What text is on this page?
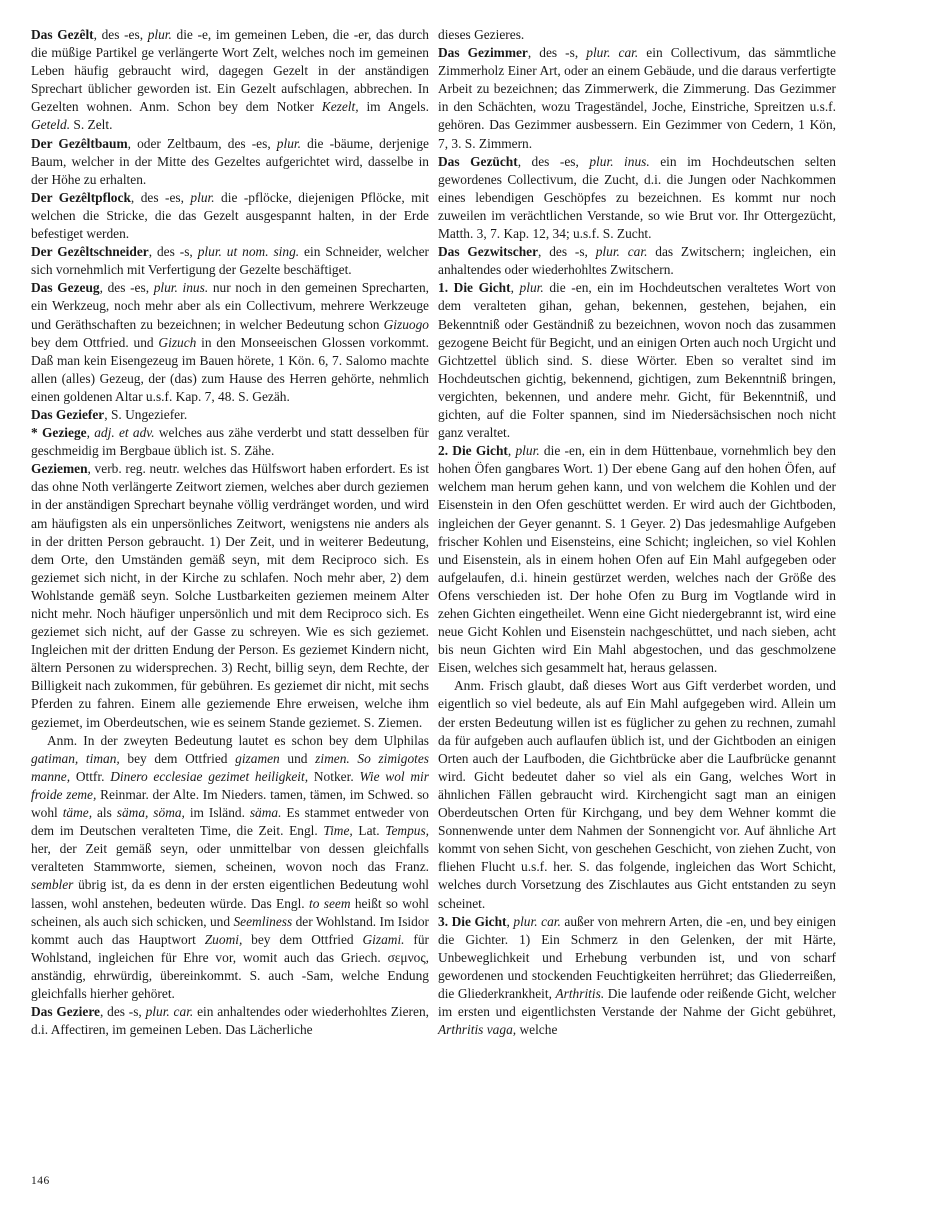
Das Gezêlt, des -es, plur. die -e, im gemeinen Leben, die -er, das durch die müßige Partikel ge verlängerte Wort Zelt, welches noch im gemeinen Leben häufig gebraucht wird, dagegen Gezelt in der anständigen Sprechart üblicher geworden ist. Ein Gezelt aufschlagen, abbrechen. In Gezelten wohnen. Anm. Schon bey dem Notker Kezelt, im Angels. Geteld. S. Zelt.

Der Gezêltbaum, oder Zeltbaum, des -es, plur. die -bäume, derjenige Baum, welcher in der Mitte des Gezeltes aufgerichtet wird, dasselbe in der Höhe zu erhalten.

Der Gezêltpflock, des -es, plur. die -pflöcke, diejenigen Pflöcke, mit welchen die Stricke, die das Gezelt ausgespannt halten, in der Erde befestiget werden.

Der Gezêltschneider, des -s, plur. ut nom. sing. ein Schneider, welcher sich vornehmlich mit Verfertigung der Gezelte beschäftiget.

Das Gezeug, des -es, plur. inus. nur noch in den gemeinen Sprecharten, ein Werkzeug, noch mehr aber als ein Collectivum, mehrere Werkzeuge und Geräthschaften zu bezeichnen; in welcher Bedeutung schon Gizuogo bey dem Ottfried. und Gizuch in den Monseeischen Glossen vorkommt. Daß man kein Eisengezeug im Bauen hörete, 1 Kön. 6, 7. Salomo machte allen (alles) Gezeug, der (das) zum Hause des Herren gehörte, nehmlich einen goldenen Altar u.s.f. Kap. 7, 48. S. Gezäh.

Das Geziefer, S. Ungeziefer.

* Geziege, adj. et adv. welches aus zähe verderbt und statt desselben für geschmeidig im Bergbaue üblich ist. S. Zähe.

Geziemen, verb. reg. neutr. welches das Hülfswort haben erfordert. Es ist das ohne Noth verlängerte Zeitwort ziemen, welches aber durch geziemen in der anständigen Sprechart beynahe völlig verdränget worden, und wird am häufigsten als ein unpersönliches Zeitwort, wenigstens nie anders als in der dritten Person gebraucht. 1) Der Zeit, und in weiterer Bedeutung, dem Orte, den Umständen gemäß seyn, mit dem Reciproco sich. Es geziemet sich nicht, in der Kirche zu schlafen. Noch mehr aber, 2) dem Wohlstande gemäß seyn. Solche Lustbarkeiten geziemen meinem Alter nicht mehr. Noch häufiger unpersönlich und mit dem Reciproco sich. Es geziemet sich nicht, auf der Gasse zu schreyen. Wie es sich geziemet. Ingleichen mit der dritten Endung der Person. Es geziemet Kindern nicht, ältern Personen zu widersprechen. 3) Recht, billig seyn, dem Rechte, der Billigkeit nach zukommen, für gebühren. Es geziemet dir nicht, mit sechs Pferden zu fahren. Einem alle geziemende Ehre erweisen, welche ihm geziemet, im Oberdeutschen, wie es seinem Stande geziemet. S. Ziemen.

Anm. In der zweyten Bedeutung lautet es schon bey dem Ulphilas gatiman, timan, bey dem Ottfried gizamen und zimen. So zimigotes manne, Ottfr. Dinero ecclesiae gezimet heiligkeit, Notker. Wie wol mir froide zeme, Reinmar. der Alte. Im Nieders. tamen, tämen, im Schwed. so wohl täme, als säma, söma, im Isländ. säma. Es stammet entweder von dem im Deutschen veralteten Time, die Zeit. Engl. Time, Lat. Tempus, her, der Zeit gemäß seyn, oder unmittelbar von dessen gleichfalls veralteten Stammworte, siemen, scheinen, wovon noch das Franz. sembler übrig ist, da es denn in der ersten eigentlichen Bedeutung wohl lassen, wohl anstehen, bedeuten würde. Das Engl. to seem heißt so wohl scheinen, als auch sich schicken, und Seemliness der Wohlstand. Im Isidor kommt auch das Hauptwort Zuomi, bey dem Ottfried Gizami. für Wohlstand, ingleichen für Ehre vor, womit auch das Griech. σεμνος, anständig, ehrwürdig, übereinkommt. S. auch -Sam, welche Endung gleichfalls hierher gehöret.

Das Geziere, des -s, plur. car. ein anhaltendes oder wiederhohltes Zieren, d.i. Affectiren, im gemeinen Leben. Das Lächerliche

dieses Gezieres.

Das Gezimmer, des -s, plur. car. ein Collectivum, das sämmtliche Zimmerholz Einer Art, oder an einem Gebäude, und die daraus verfertigte Arbeit zu bezeichnen; das Zimmerwerk, die Zimmerung. Das Gezimmer in den Schächten, wozu Trageständel, Joche, Einstriche, Spreitzen u.s.f. gehören. Das Gezimmer ausbessern. Ein Gezimmer von Cedern, 1 Kön, 7, 3. S. Zimmern.

Das Gezücht, des -es, plur. inus. ein im Hochdeutschen selten gewordenes Collectivum, die Zucht, d.i. die Jungen oder Nachkommen eines lebendigen Geschöpfes zu bezeichnen. Es kommt nur noch zuweilen im verächtlichen Verstande, so wie Brut vor. Ihr Ottergezücht, Matth. 3, 7. Kap. 12, 34; u.s.f. S. Zucht.

Das Gezwitscher, des -s, plur. car. das Zwitschern; ingleichen, ein anhaltendes oder wiederhohltes Zwitschern.

1. Die Gicht, plur. die -en, ein im Hochdeutschen veraltetes Wort von dem veralteten gihan, gehan, bekennen, gestehen, bejahen, ein Bekenntniß oder Geständniß zu bezeichnen, wovon noch das zusammen gezogene Beicht für Begicht, und an einigen Orten auch noch Urgicht und Gichtzettel üblich sind. S. diese Wörter. Eben so veraltet sind im Hochdeutschen gichtig, bekennend, gichtigen, zum Bekenntniß bringen, vergichten, bekennen, und andere mehr. Gicht, für Bekenntniß, und gichten, auf die Folter spannen, sind im Niedersächsischen noch nicht ganz veraltet.

2. Die Gicht, plur. die -en, ein in dem Hüttenbaue, vornehmlich bey den hohen Öfen gangbares Wort. 1) Der ebene Gang auf den hohen Öfen, auf welchem man herum gehen kann, und von welchem die Kohlen und der Eisenstein in den Ofen geschüttet werden. Er wird auch der Gichtboden, ingleichen der Geyer genannt. S. 1 Geyer. 2) Das jedesmahlige Aufgeben frischer Kohlen und Eisensteins, eine Schicht; ingleichen, so viel Kohlen und Eisenstein, als in einem hohen Ofen auf Ein Mahl aufgegeben oder aufgelaufen, d.i. hinein gestürzet werden, welches nach der Größe des Ofens verschieden ist. Der hohe Ofen zu Burg im Vogtlande wird in zehen Gichten eingetheilet. Wenn eine Gicht niedergebrannt ist, wird eine neue Gicht Kohlen und Eisenstein nachgeschüttet, und nach sieben, acht bis neun Gichten wird Ein Mahl abgestochen, und das geschmolzene Eisen, welches sich gesammelt hat, heraus gelassen.

Anm. Frisch glaubt, daß dieses Wort aus Gift verderbet worden, und eigentlich so viel bedeute, als auf Ein Mahl aufgegeben wird. Allein um der ersten Bedeutung willen ist es füglicher zu gehen zu rechnen, zumahl da für aufgeben auch auflaufen üblich ist, und der Gichtboden an einigen Orten auch der Laufboden, die Gichtbrücke aber die Laufbrücke genannt wird. Gicht bedeutet daher so viel als ein Gang, welches Wort in ähnlichen Fällen gebraucht wird. Kirchengicht sagt man an einigen Oberdeutschen Orten für Kirchgang, und bey dem Wehner kommt die Sonnenwende unter dem Nahmen der Sonnengicht vor. Auf ähnliche Art kommt von sehen Sicht, von geschehen Geschicht, von ziehen Zucht, von fliehen Flucht u.s.f. her. S. das folgende, ingleichen das Wort Schicht, welches durch Vorsetzung des Zischlautes aus Gicht entstanden zu seyn scheinet.

3. Die Gicht, plur. car. außer von mehrern Arten, die -en, und bey einigen die Gichter. 1) Ein Schmerz in den Gelenken, der mit Härte, Unbeweglichkeit und Erhebung verbunden ist, und von scharf gewordenen und stockenden Feuchtigkeiten herrühret; das Gliederreißen, die Gliederkrankheit, Arthritis. Die laufende oder reißende Gicht, welcher im ersten und eigentlichsten Verstande der Nahme der Gicht gebühret, Arthritis vaga, welche

146
